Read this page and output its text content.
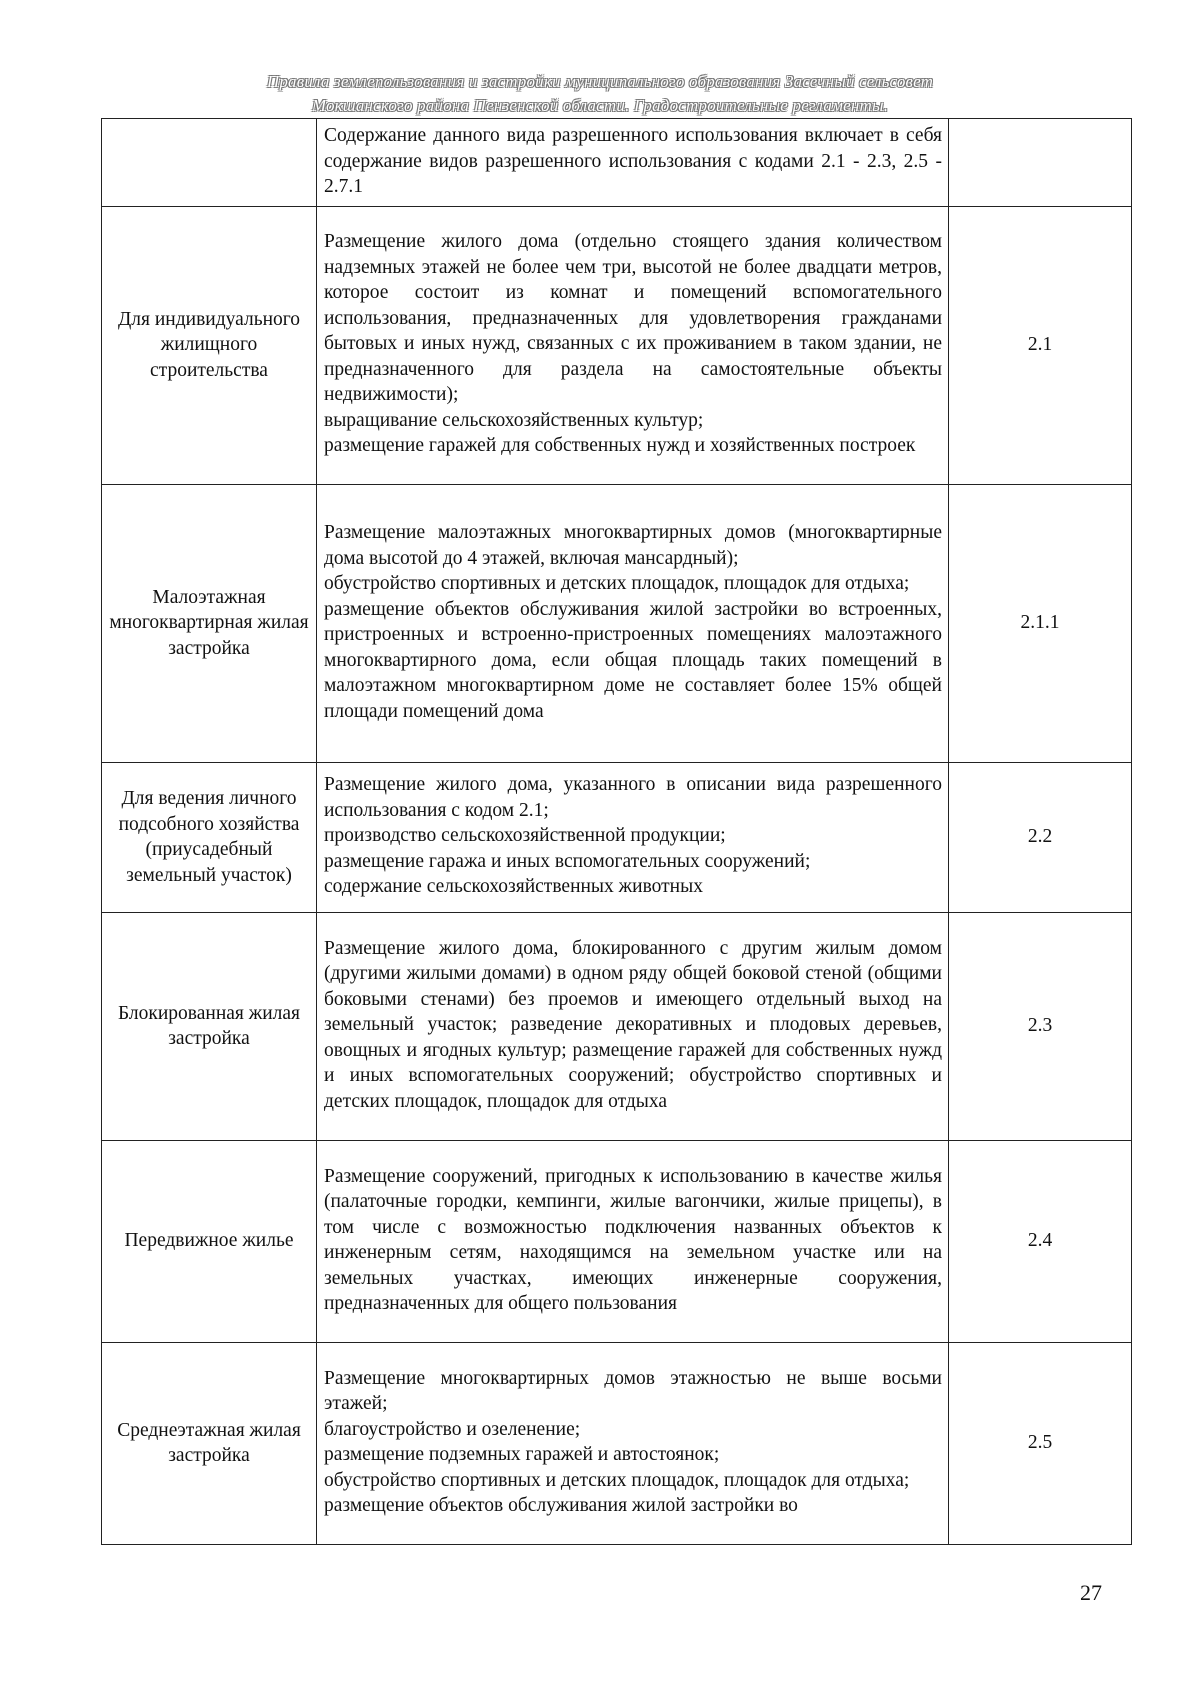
Правила землепользования и застройки муниципального образования Засечный сельсовет
Мокшанского района Пензенской области. Градостроительные регламенты.

	Содержание данного вида разрешенного использования включает в себя содержание видов разрешенного использования с кодами 2.1 - 2.3, 2.5 - 2.7.1	

Для индивидуального жилищного строительства	Размещение жилого дома (отдельно стоящего здания количеством надземных этажей не более чем три, высотой не более двадцати метров, которое состоит из комнат и помещений вспомогательного использования, предназначенных для удовлетворения гражданами бытовых и иных нужд, связанных с их проживанием в таком здании, не предназначенного для раздела на самостоятельные объекты недвижимости);
выращивание сельскохозяйственных культур;
размещение гаражей для собственных нужд и хозяйственных построек	2.1
Малоэтажная многоквартирная жилая застройка	Размещение малоэтажных многоквартирных домов (многоквартирные дома высотой до 4 этажей, включая мансардный);
обустройство спортивных и детских площадок, площадок для отдыха;
размещение объектов обслуживания жилой застройки во встроенных, пристроенных и встроенно-пристроенных помещениях малоэтажного многоквартирного дома, если общая площадь таких помещений в малоэтажном многоквартирном доме не составляет более 15% общей площади помещений дома	2.1.1
Для ведения личного подсобного хозяйства (приусадебный земельный участок)	Размещение жилого дома, указанного в описании вида разрешенного использования с кодом 2.1;
производство сельскохозяйственной продукции;
размещение гаража и иных вспомогательных сооружений;
содержание сельскохозяйственных животных	2.2
Блокированная жилая застройка	Размещение жилого дома, блокированного с другим жилым домом (другими жилыми домами) в одном ряду общей боковой стеной (общими боковыми стенами) без проемов и имеющего отдельный выход на земельный участок; разведение декоративных и плодовых деревьев, овощных и ягодных культур; размещение гаражей для собственных нужд и иных вспомогательных сооружений; обустройство спортивных и детских площадок, площадок для отдыха	2.3
Передвижное жилье	Размещение сооружений, пригодных к использованию в качестве жилья (палаточные городки, кемпинги, жилые вагончики, жилые прицепы), в том числе с возможностью подключения названных объектов к инженерным сетям, находящимся на земельном участке или на земельных участках, имеющих инженерные сооружения, предназначенных для общего пользования	2.4
Среднеэтажная жилая застройка	Размещение многоквартирных домов этажностью не выше восьми этажей;
благоустройство и озеленение;
размещение подземных гаражей и автостоянок;
обустройство спортивных и детских площадок, площадок для отдыха;
размещение объектов обслуживания жилой застройки во	2.5
27
